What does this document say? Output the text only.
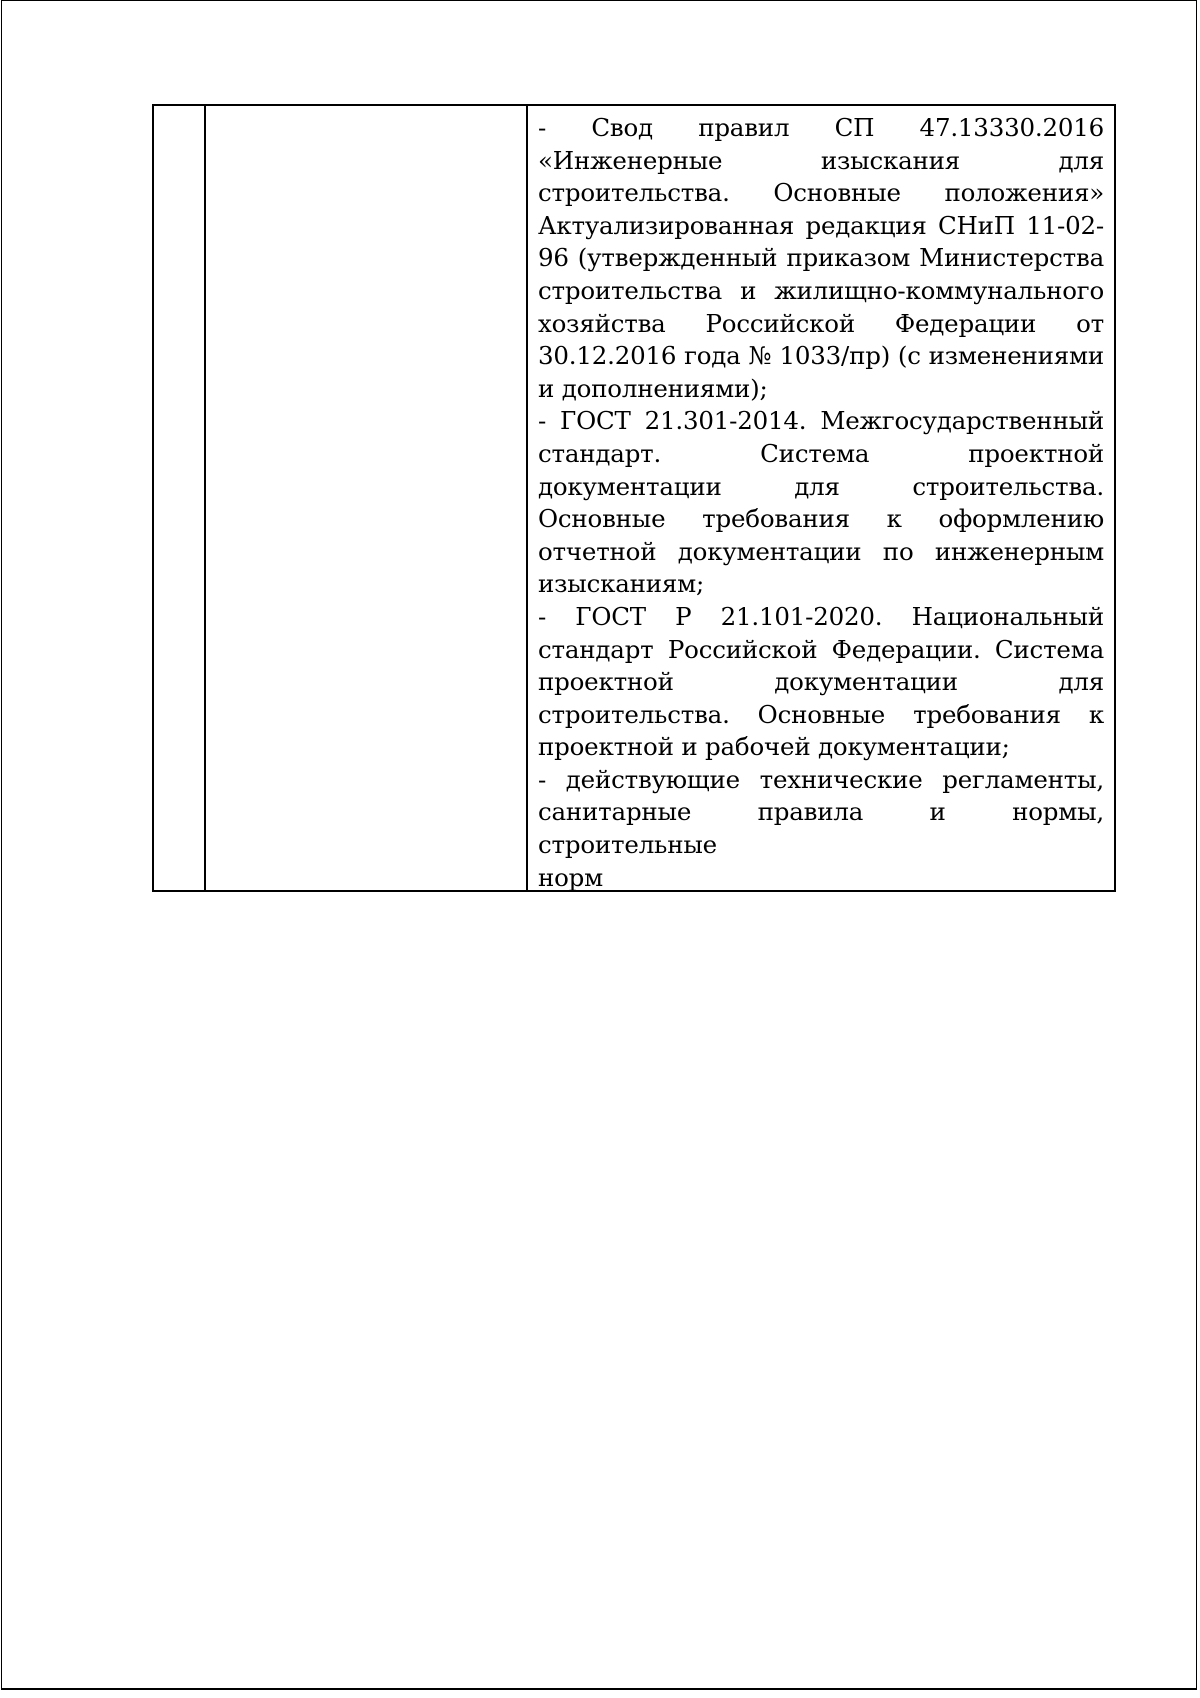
- Свод правил СП 47.13330.2016 «Инженерные изыскания для строительства. Основные положения» Актуализированная редакция СНиП 11-02-96 (утвержденный приказом Министерства строительства и жилищно-коммунального хозяйства Российской Федерации от 30.12.2016 года № 1033/пр) (с изменениями и дополнениями);

- ГОСТ 21.301-2014. Межгосударственный стандарт. Система проектной документации для строительства. Основные требования к оформлению отчетной документации по инженерным изысканиям;

- ГОСТ Р 21.101-2020. Национальный стандарт Российской Федерации. Система проектной документации для строительства. Основные требования к проектной и рабочей документации;

- действующие технические регламенты, санитарные правила и нормы, строительные

норм
